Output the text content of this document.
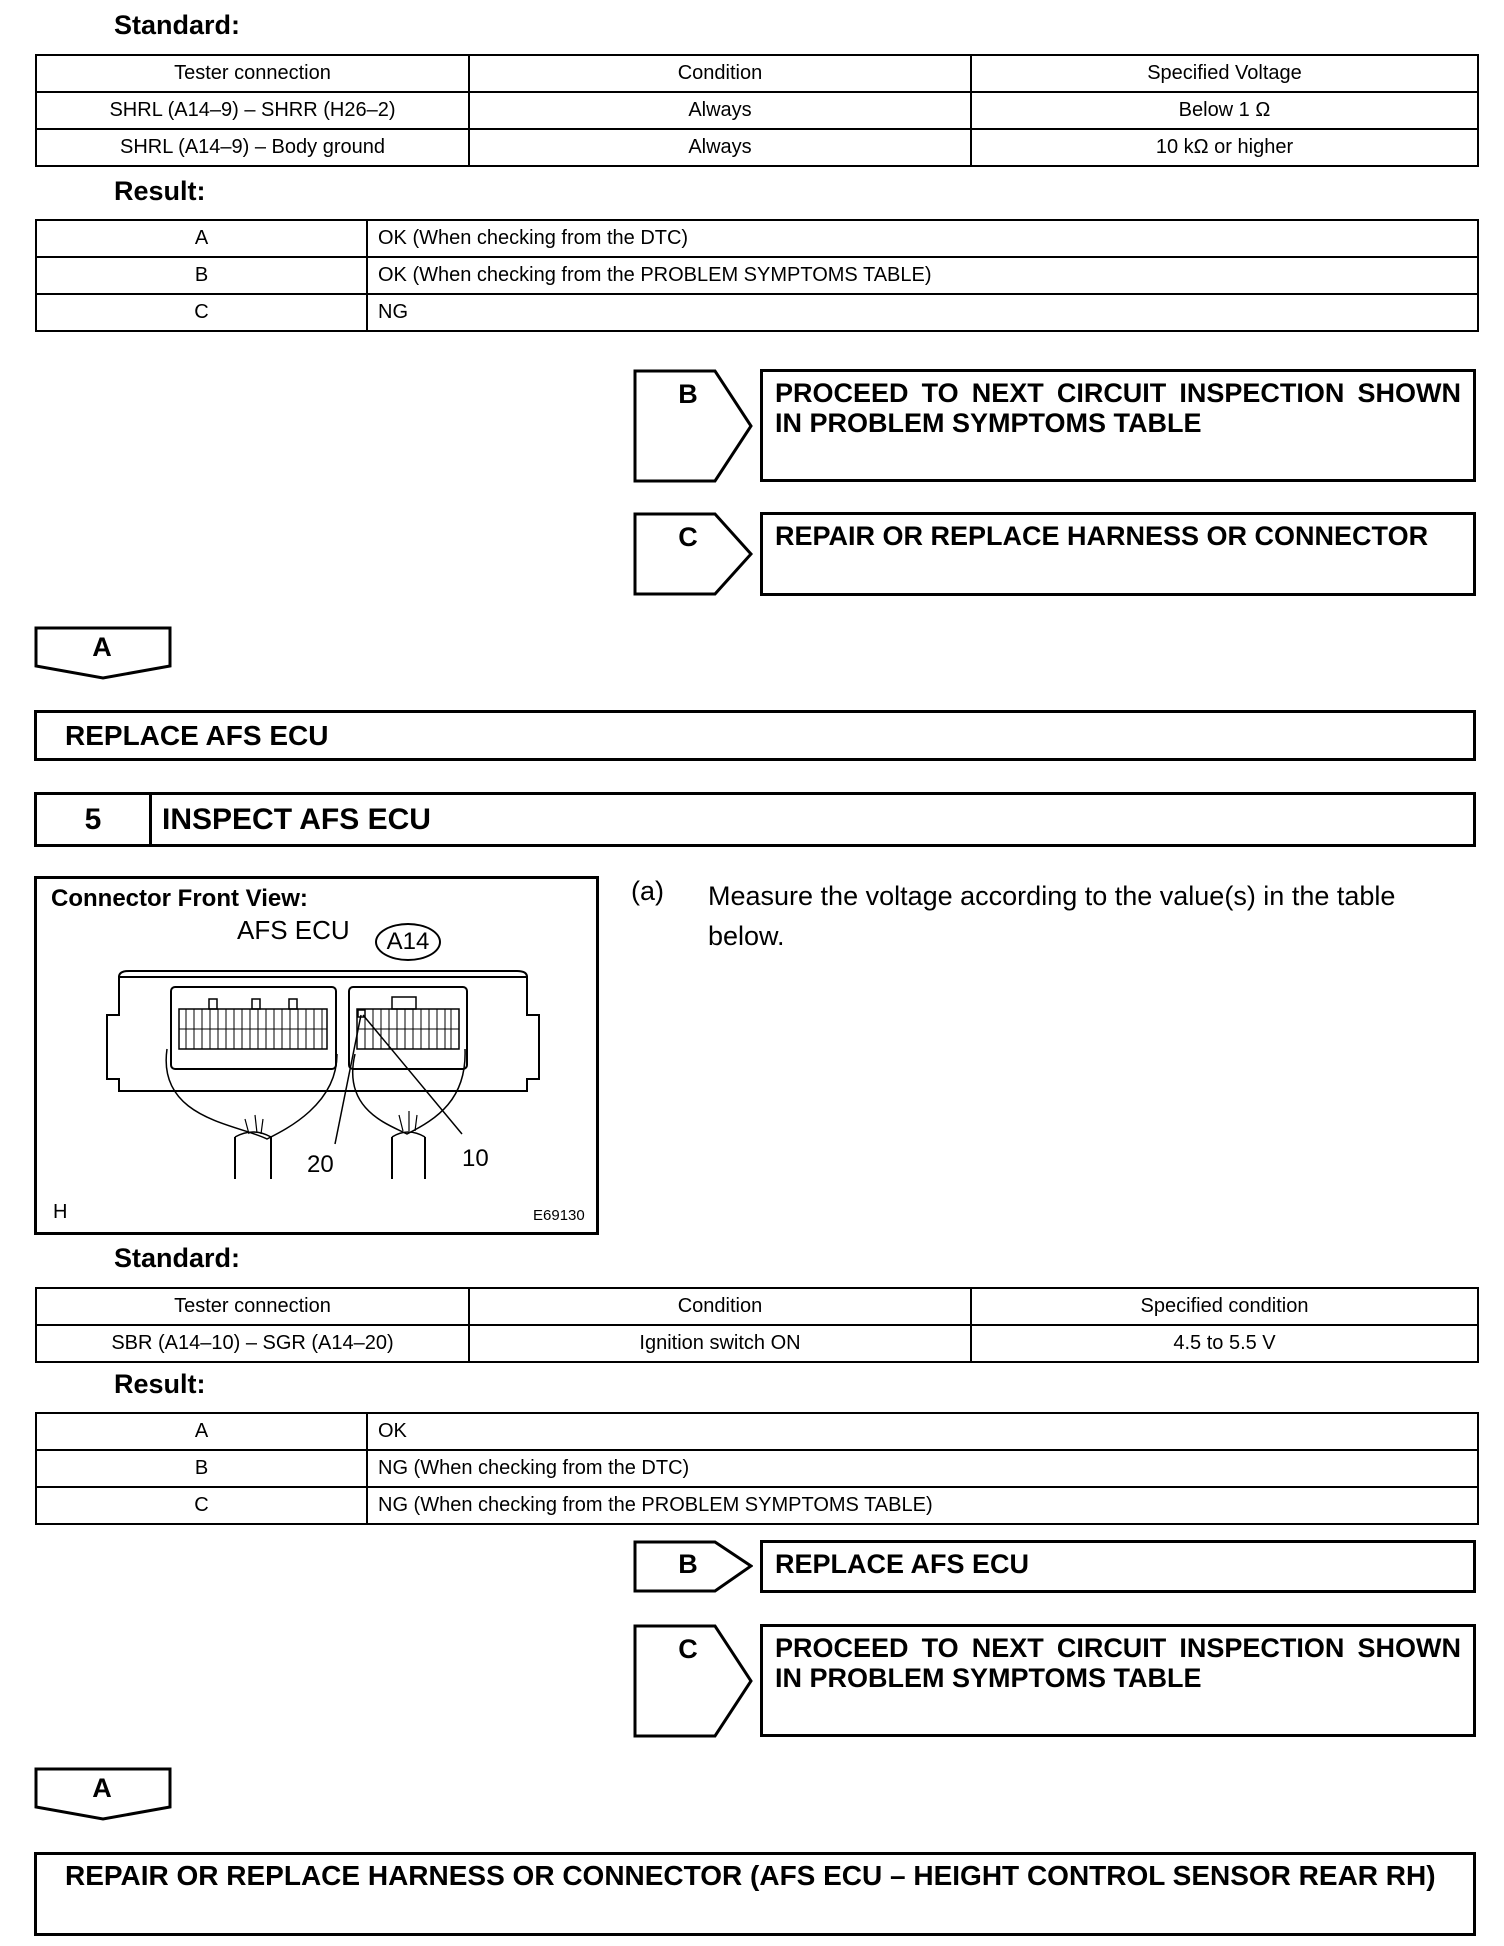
Standard:
Tester connection	Condition	Specified Voltage
SHRL (A14–9) – SHRR (H26–2)	Always	Below 1 Ω
SHRL (A14–9) – Body ground	Always	10 kΩ or higher
Result:
A	OK (When checking from the DTC)
B	OK (When checking from the PROBLEM SYMPTOMS TABLE)
C	NG
B	PROCEED TO NEXT CIRCUIT INSPECTION SHOWN IN PROBLEM SYMPTOMS TABLE
C	REPAIR OR REPLACE HARNESS OR CONNECTOR
A
REPLACE AFS ECU
5	INSPECT AFS ECU
Connector Front View:
AFS ECU	A14
20	10
H	E69130
(a) Measure the voltage according to the value(s) in the table below.
Standard:
Tester connection	Condition	Specified condition
SBR (A14–10) – SGR (A14–20)	Ignition switch ON	4.5 to 5.5 V
Result:
A	OK
B	NG (When checking from the DTC)
C	NG (When checking from the PROBLEM SYMPTOMS TABLE)
B	REPLACE AFS ECU
C	PROCEED TO NEXT CIRCUIT INSPECTION SHOWN IN PROBLEM SYMPTOMS TABLE
A
REPAIR OR REPLACE HARNESS OR CONNECTOR (AFS ECU – HEIGHT CONTROL SENSOR REAR RH)
